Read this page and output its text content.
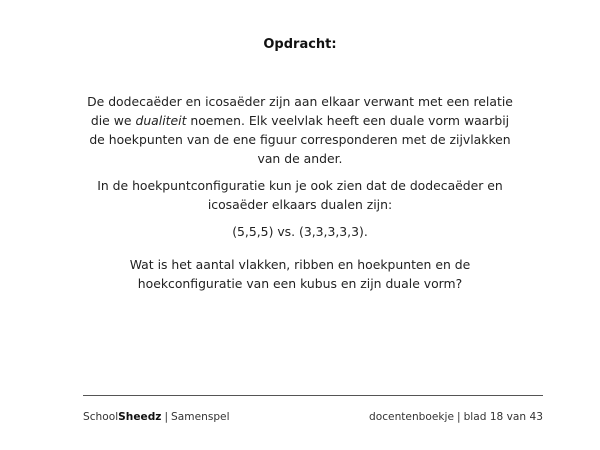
Opdracht:

De dodecaëder en icosaëder zijn aan elkaar verwant met een relatie die we dualiteit noemen. Elk veelvlak heeft een duale vorm waarbij de hoekpunten van de ene figuur corresponderen met de zijvlakken van de ander.

In de hoekpuntconfiguratie kun je ook zien dat de dodecaëder en icosaëder elkaars dualen zijn:

(5,5,5) vs. (3,3,3,3,3).

Wat is het aantal vlakken, ribben en hoekpunten en de hoekconfiguratie van een kubus en zijn duale vorm?

SchoolSheedz | Samenspel	docentenboekje | blad 18 van 43
